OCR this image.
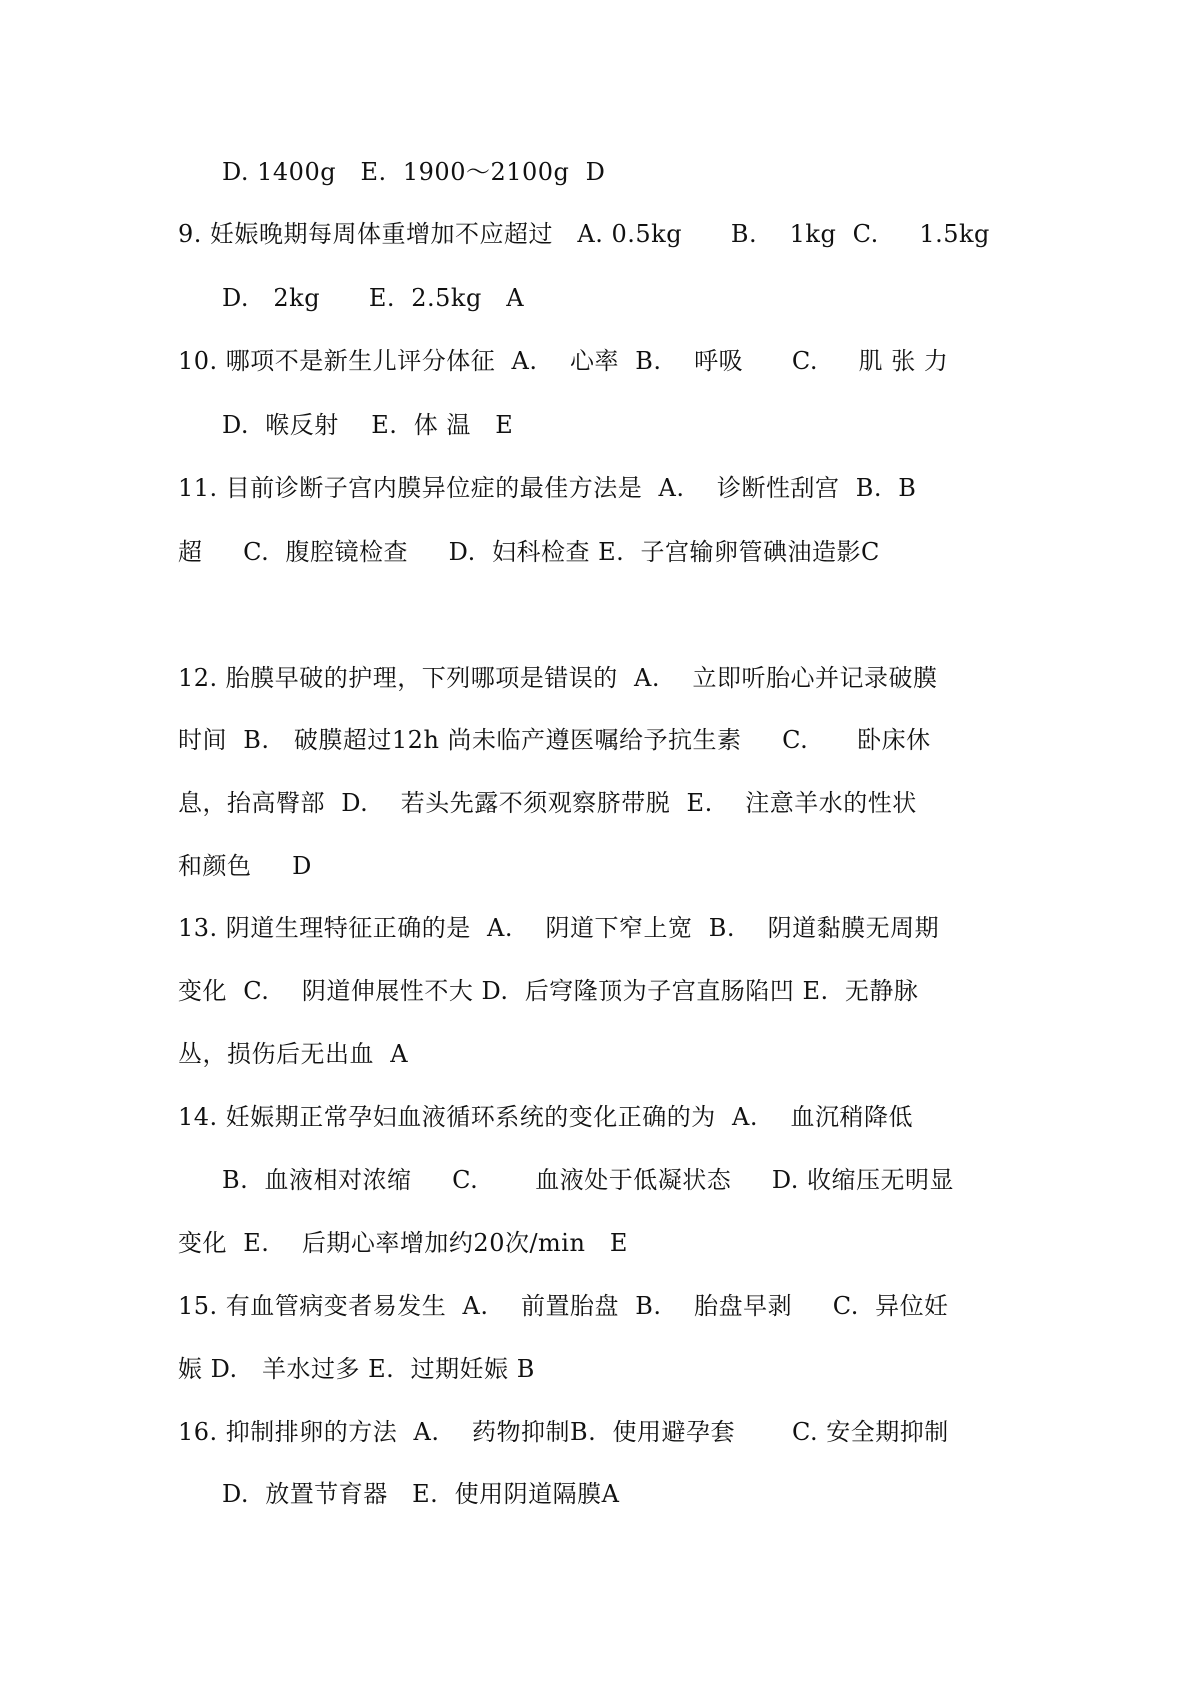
D. 1400g   E.  1900～2100g  D
9. 妊娠晚期每周体重增加不应超过   A. 0.5kg      B.    1kg  C.     1.5kg
D.   2kg      E.  2.5kg   A
10. 哪项不是新生儿评分体征  A.    心率  B.    呼吸      C.     肌 张 力
D.  喉反射    E.  体 温   E
11. 目前诊断子宫内膜异位症的最佳方法是  A.    诊断性刮宫  B.  B
超     C.  腹腔镜检查     D.  妇科检查 E.  子宫输卵管碘油造影C
12. 胎膜早破的护理，下列哪项是错误的  A.    立即听胎心并记录破膜
时间  B.   破膜超过12h 尚未临产遵医嘱给予抗生素     C.      卧床休
息，抬高臀部  D.    若头先露不须观察脐带脱  E.    注意羊水的性状
和颜色     D
13. 阴道生理特征正确的是  A.    阴道下窄上宽  B.    阴道黏膜无周期
变化  C.    阴道伸展性不大 D.  后穹隆顶为子宫直肠陷凹 E.  无静脉
丛，损伤后无出血  A
14. 妊娠期正常孕妇血液循环系统的变化正确的为  A.    血沉稍降低
B.  血液相对浓缩     C.       血液处于低凝状态     D. 收缩压无明显
变化  E.    后期心率增加约20次/min   E
15. 有血管病变者易发生  A.    前置胎盘  B.    胎盘早剥     C.  异位妊
娠 D.   羊水过多 E.  过期妊娠 B
16. 抑制排卵的方法  A.    药物抑制B.  使用避孕套       C. 安全期抑制
D.  放置节育器   E.  使用阴道隔膜A
